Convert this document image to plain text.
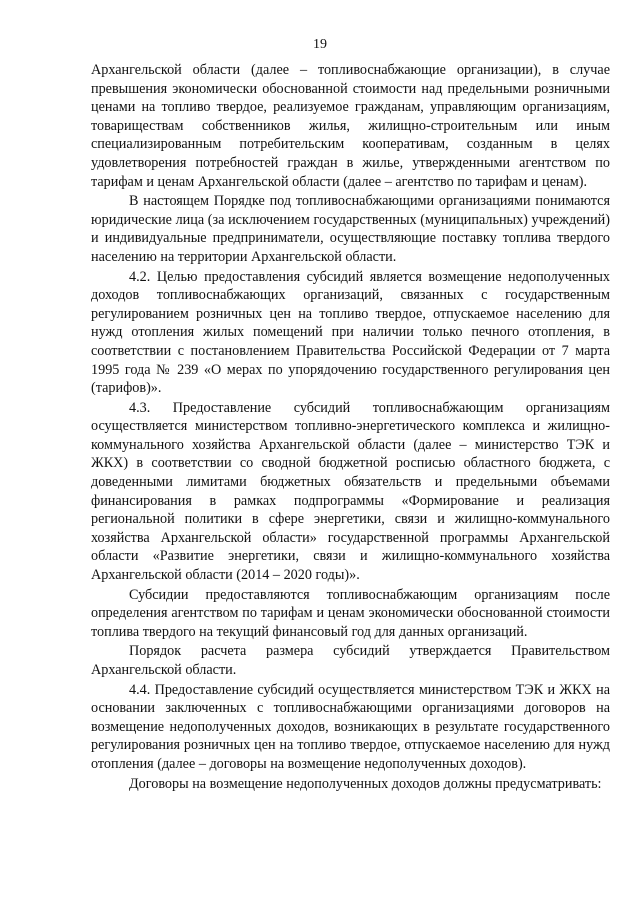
19

Архангельской области (далее – топливоснабжающие организации), в случае превышения экономически обоснованной стоимости над предельными розничными ценами на топливо твердое, реализуемое гражданам, управляющим организациям, товариществам собственников жилья, жилищно-строительным или иным специализированным потребительским кооперативам, созданным в целях удовлетворения потребностей граждан в жилье, утвержденными агентством по тарифам и ценам Архангельской области (далее – агентство по тарифам и ценам).

В настоящем Порядке под топливоснабжающими организациями понимаются юридические лица (за исключением государственных (муниципальных) учреждений) и индивидуальные предприниматели, осуществляющие поставку топлива твердого населению на территории Архангельской области.

4.2. Целью предоставления субсидий является возмещение недополученных доходов топливоснабжающих организаций, связанных с государственным регулированием розничных цен на топливо твердое, отпускаемое населению для нужд отопления жилых помещений при наличии только печного отопления, в соответствии с постановлением Правительства Российской Федерации от 7 марта 1995 года № 239 «О мерах по упорядочению государственного регулирования цен (тарифов)».

4.3. Предоставление субсидий топливоснабжающим организациям осуществляется министерством топливно-энергетического комплекса и жилищно-коммунального хозяйства Архангельской области (далее – министерство ТЭК и ЖКХ) в соответствии со сводной бюджетной росписью областного бюджета, с доведенными лимитами бюджетных обязательств и предельными объемами финансирования в рамках подпрограммы «Формирование и реализация региональной политики в сфере энергетики, связи и жилищно-коммунального хозяйства Архангельской области» государственной программы Архангельской области «Развитие энергетики, связи и жилищно-коммунального хозяйства Архангельской области (2014 – 2020 годы)».

Субсидии предоставляются топливоснабжающим организациям после определения агентством по тарифам и ценам экономически обоснованной стоимости топлива твердого на текущий финансовый год для данных организаций.

Порядок расчета размера субсидий утверждается Правительством Архангельской области.

4.4. Предоставление субсидий осуществляется министерством ТЭК и ЖКХ на основании заключенных с топливоснабжающими организациями договоров на возмещение недополученных доходов, возникающих в результате государственного регулирования розничных цен на топливо твердое, отпускаемое населению для нужд отопления (далее – договоры на возмещение недополученных доходов).

Договоры на возмещение недополученных доходов должны предусматривать:
